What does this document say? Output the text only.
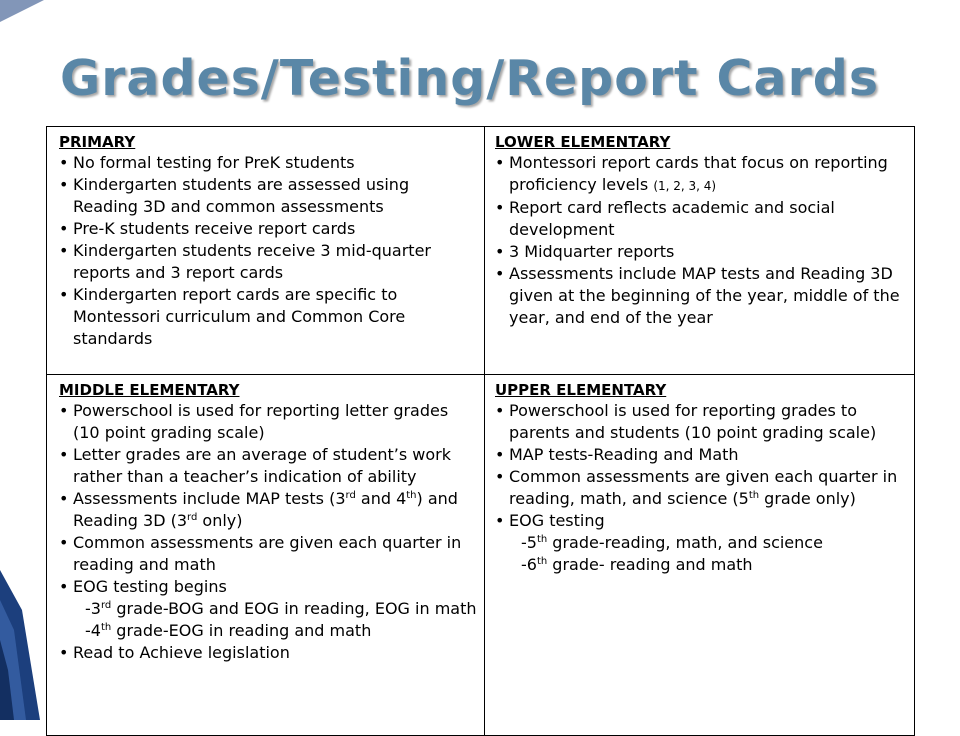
Grades/Testing/Report Cards
PRIMARY
• No formal testing for PreK students
• Kindergarten students are assessed using Reading 3D and common assessments
• Pre-K students receive report cards
• Kindergarten students receive 3 mid-quarter reports and 3 report cards
• Kindergarten report cards are specific to Montessori curriculum and Common Core standards
LOWER ELEMENTARY
• Montessori report cards that focus on reporting proficiency levels (1, 2, 3, 4)
• Report card reflects academic and social development
• 3 Midquarter reports
• Assessments include MAP tests and Reading 3D given at the beginning of the year, middle of the year, and end of the year
MIDDLE ELEMENTARY
• Powerschool is used for reporting letter grades (10 point grading scale)
• Letter grades are an average of student’s work rather than a teacher’s indication of ability
• Assessments include MAP tests (3rd and 4th) and Reading 3D (3rd only)
• Common assessments are given each quarter in reading and math
• EOG testing begins
-3rd grade-BOG and EOG in reading, EOG in math
-4th grade-EOG in reading and math
• Read to Achieve legislation
UPPER ELEMENTARY
• Powerschool is used for reporting grades to parents and students (10 point grading scale)
• MAP tests-Reading and Math
• Common assessments are given each quarter in reading, math, and science (5th grade only)
• EOG testing
-5th grade-reading, math, and science
-6th grade- reading and math
